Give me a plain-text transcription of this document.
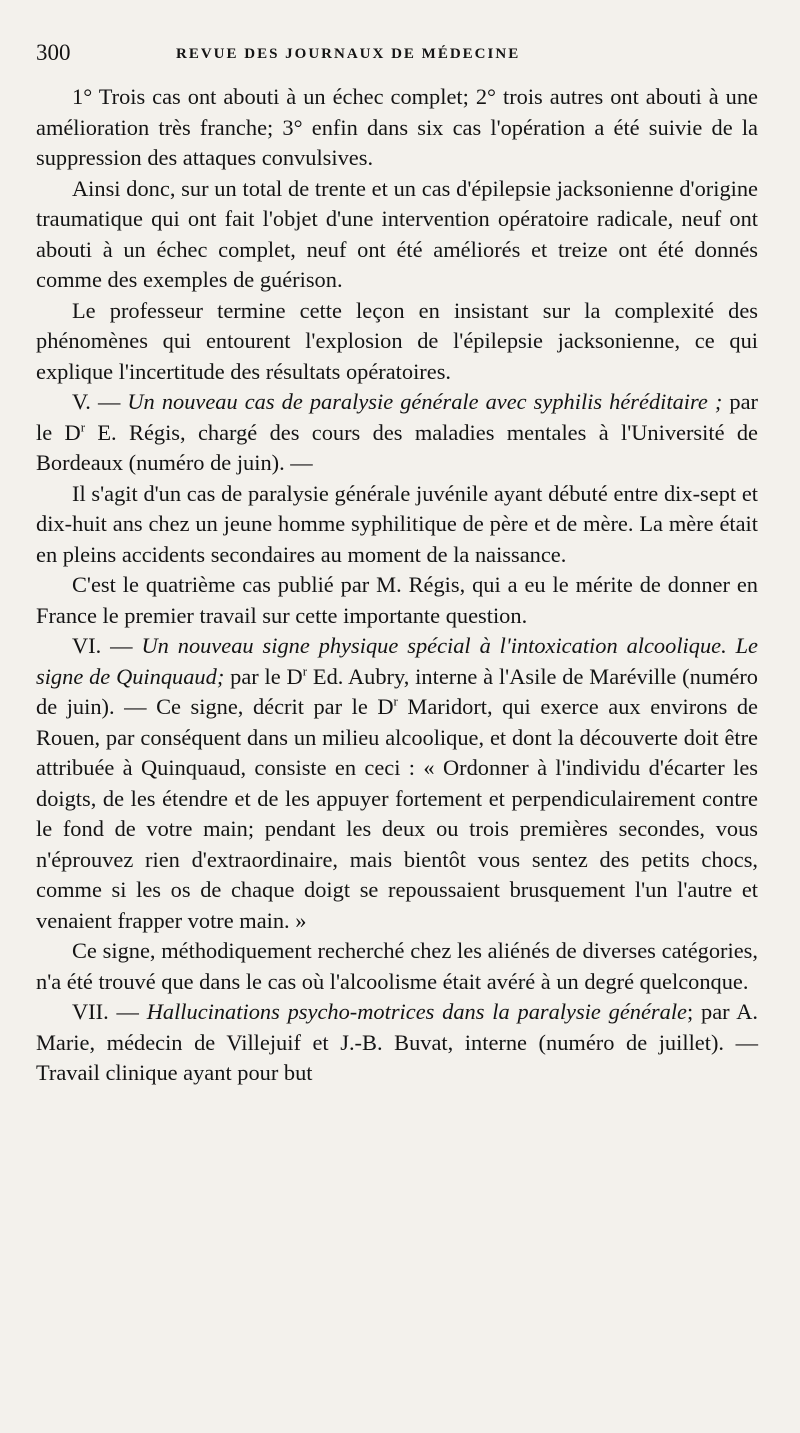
300	REVUE DES JOURNAUX DE MÉDECINE

1° Trois cas ont abouti à un échec complet; 2° trois autres ont abouti à une amélioration très franche; 3° enfin dans six cas l'opération a été suivie de la suppression des attaques convulsives.

Ainsi donc, sur un total de trente et un cas d'épilepsie jacksonienne d'origine traumatique qui ont fait l'objet d'une intervention opératoire radicale, neuf ont abouti à un échec complet, neuf ont été améliorés et treize ont été donnés comme des exemples de guérison.

Le professeur termine cette leçon en insistant sur la complexité des phénomènes qui entourent l'explosion de l'épilepsie jacksonienne, ce qui explique l'incertitude des résultats opératoires.

V. — Un nouveau cas de paralysie générale avec syphilis héréditaire ; par le $D^r$ E. Régis, chargé des cours des maladies mentales à l'Université de Bordeaux (numéro de juin). —

Il s'agit d'un cas de paralysie générale juvénile ayant débuté entre dix-sept et dix-huit ans chez un jeune homme syphilitique de père et de mère. La mère était en pleins accidents secondaires au moment de la naissance.

C'est le quatrième cas publié par M. Régis, qui a eu le mérite de donner en France le premier travail sur cette importante question.

VI. — Un nouveau signe physique spécial à l'intoxication alcoolique. Le signe de Quinquaud; par le $D^r$ Ed. Aubry, interne à l'Asile de Maréville (numéro de juin). — Ce signe, décrit par le $D^r$ Maridort, qui exerce aux environs de Rouen, par conséquent dans un milieu alcoolique, et dont la découverte doit être attribuée à Quinquaud, consiste en ceci : « Ordonner à l'individu d'écarter les doigts, de les étendre et de les appuyer fortement et perpendiculairement contre le fond de votre main; pendant les deux ou trois premières secondes, vous n'éprouvez rien d'extraordinaire, mais bientôt vous sentez des petits chocs, comme si les os de chaque doigt se repoussaient brusquement l'un l'autre et venaient frapper votre main. »

Ce signe, méthodiquement recherché chez les aliénés de diverses catégories, n'a été trouvé que dans le cas où l'alcoolisme était avéré à un degré quelconque.

VII. — Hallucinations psycho-motrices dans la paralysie générale; par A. Marie, médecin de Villejuif et J.-B. Buvat, interne (numéro de juillet). — Travail clinique ayant pour but
